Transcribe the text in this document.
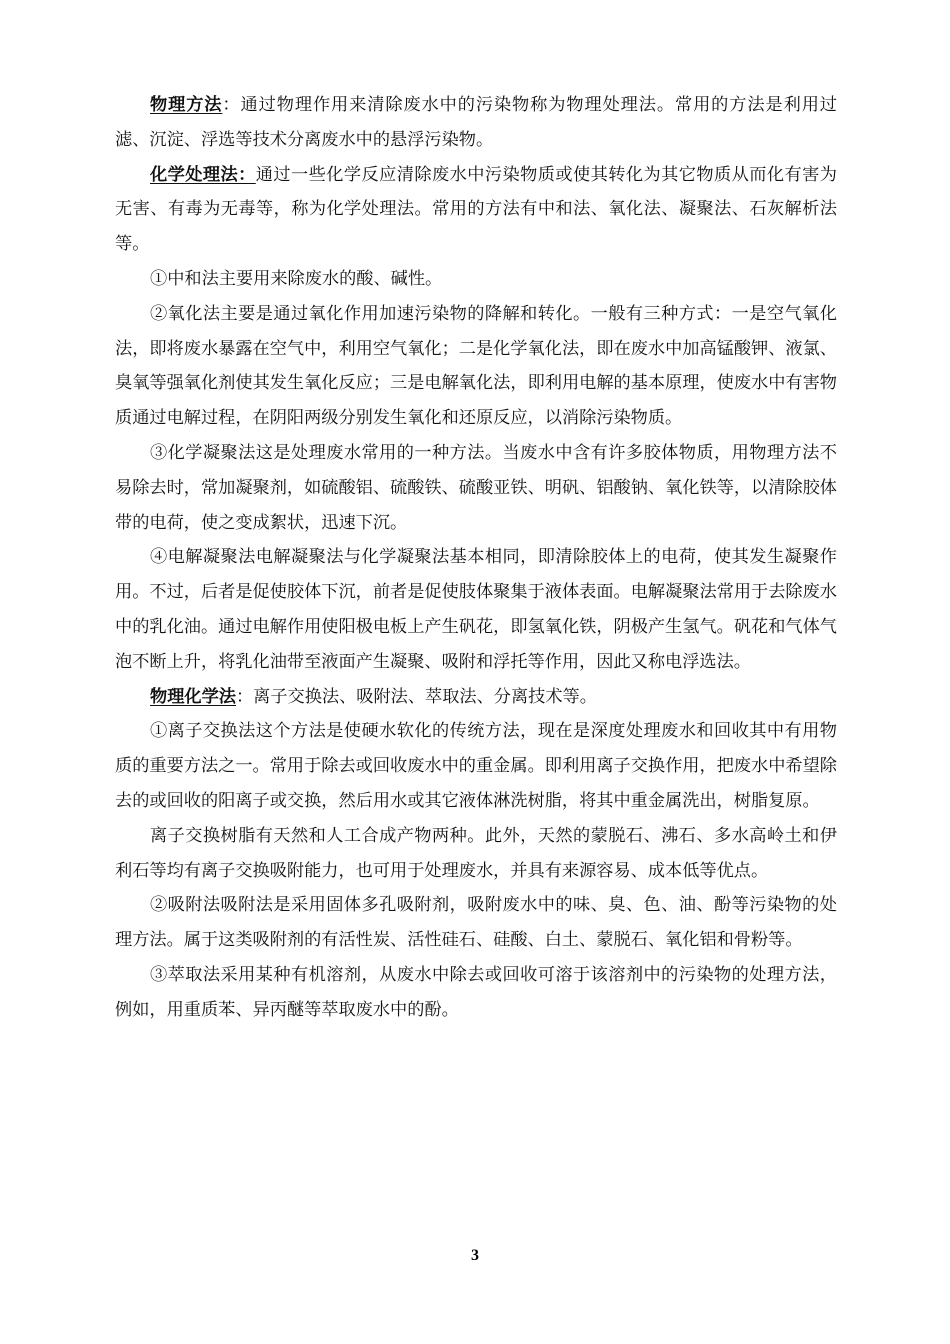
物理方法：通过物理作用来清除废水中的污染物称为物理处理法。常用的方法是利用过滤、沉淀、浮选等技术分离废水中的悬浮污染物。

化学处理法：通过一些化学反应清除废水中污染物质或使其转化为其它物质从而化有害为无害、有毒为无毒等，称为化学处理法。常用的方法有中和法、氧化法、凝聚法、石灰解析法等。

①中和法主要用来除废水的酸、碱性。

②氧化法主要是通过氧化作用加速污染物的降解和转化。一般有三种方式：一是空气氧化法，即将废水暴露在空气中，利用空气氧化；二是化学氧化法，即在废水中加高锰酸钾、液氯、臭氧等强氧化剂使其发生氧化反应；三是电解氧化法，即利用电解的基本原理，使废水中有害物质通过电解过程，在阴阳两级分别发生氧化和还原反应，以消除污染物质。

③化学凝聚法这是处理废水常用的一种方法。当废水中含有许多胶体物质，用物理方法不易除去时，常加凝聚剂，如硫酸铝、硫酸铁、硫酸亚铁、明矾、铝酸钠、氧化铁等，以清除胶体带的电荷，使之变成絮状，迅速下沉。

④电解凝聚法电解凝聚法与化学凝聚法基本相同，即清除胶体上的电荷，使其发生凝聚作用。不过，后者是促使胶体下沉，前者是促使肢体聚集于液体表面。电解凝聚法常用于去除废水中的乳化油。通过电解作用使阳极电板上产生矾花，即氢氧化铁，阴极产生氢气。矾花和气体气泡不断上升，将乳化油带至液面产生凝聚、吸附和浮托等作用，因此又称电浮选法。

物理化学法：离子交换法、吸附法、萃取法、分离技术等。

①离子交换法这个方法是使硬水软化的传统方法，现在是深度处理废水和回收其中有用物质的重要方法之一。常用于除去或回收废水中的重金属。即利用离子交换作用，把废水中希望除去的或回收的阳离子或交换，然后用水或其它液体淋洗树脂，将其中重金属洗出，树脂复原。

离子交换树脂有天然和人工合成产物两种。此外，天然的蒙脱石、沸石、多水高岭土和伊利石等均有离子交换吸附能力，也可用于处理废水，并具有来源容易、成本低等优点。

②吸附法吸附法是采用固体多孔吸附剂，吸附废水中的味、臭、色、油、酚等污染物的处理方法。属于这类吸附剂的有活性炭、活性硅石、硅酸、白土、蒙脱石、氧化铝和骨粉等。

③萃取法采用某种有机溶剂，从废水中除去或回收可溶于该溶剂中的污染物的处理方法，例如，用重质苯、异丙醚等萃取废水中的酚。

3
